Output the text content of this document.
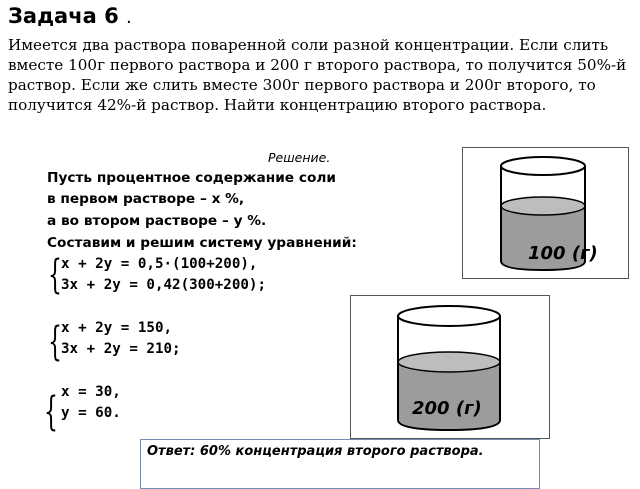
Задача 6 .

Имеется два раствора поваренной соли разной концентрации. Если слить вместе 100г первого раствора и 200 г второго раствора, то получится 50%-й раствор. Если же слить вместе 300г первого раствора и 200г второго, то получится 42%-й раствор. Найти концентрацию второго раствора.

Решение.
Пусть процентное содержание соли
в первом растворе – х %,
а во втором растворе – у %.
Составим и решим систему уравнений:
{ x + 2y = 0,5·(100+200),
3x + 2y = 0,42(300+200);
{ x + 2y = 150,
3x + 2y = 210;
{ x = 30,
y = 60.
100 (г)
200 (г)
Ответ: 60% концентрация второго раствора.
